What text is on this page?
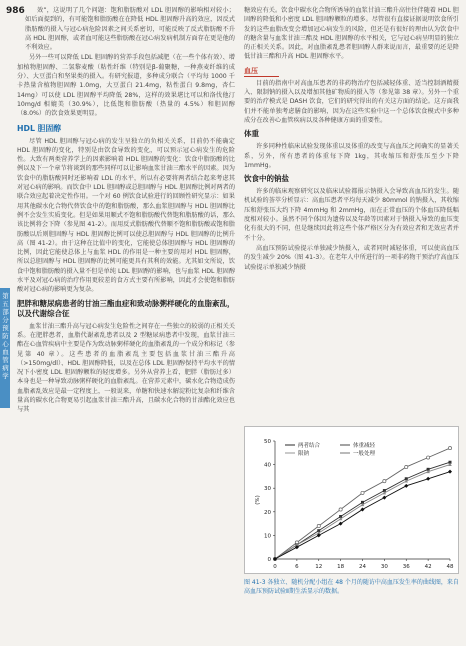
986
第五部分 预防心血管病学

效”，这说明了几个问题：饱和脂肪酸对 LDL 胆固醇的影响相对较小；如后面提到的，有可能饱和脂肪酸在在降低 HDL 胆固醇升高的效应，因反式脂肪酸的摄入与冠心病危险因素之间关系密切，可能反映了反式脂肪酸不升高 HDL 胆固醇，或者血可能这些脂肪酸在冠心病发病机制方面存在更是他的不利效应。

另外一些可以降低 LDL 胆固醇的营养手段包括减肥（在一些个体有效）、增加植物胆固醇、二氢黎麦酸（粘性纤维（特别是β-葡聚糖，一种燕麦纤维的成分）、大豆蛋白和坚果类的摄入。有研究报道，多种成分联合（平均每 1000 千卡热量含植物胆固醇 1.0mg，大豆蛋白 21.4mg，粘性蛋白 9.8mg，杏仁 14mg）可以使 LDL 胆固醇平均降低 28%，这样的效果堪比可以和洛伐他汀 10mg/d 相媲美（30.9%），比低饱和脂肪酸（热量的 4.5%）和胆固醇（8.0%）的饮食效果更明显。

HDL 胆固醇

尽管 HDL 胆固醇与冠心病的发生呈独立的负相关关系，目前仍不能确定 HDL 胆固醇的变化，特别是由饮食导致的变化，可以预示冠心病发生的危险性。大致有两类营养学上的因素影响着 HDL 胆固醇的变化：饮食中脂肪酸的比例以及下一个章节将谈到的那些同样可以让影响血浆甘油三酯水平的因素。因为饮食中的脂肪酸同时还影响着 LDL 的水平，所以有必要将两者结合起来考虑其对冠心病的影响。而饮食中 LDL 胆固醇或总胆固醇与 HDL 胆固醇比例对两者的联合效应起着决定性作用。一个对 60 例饮食试验进行的回顾性研究显示：如果用其他碳水化合物代替饮食中的饱和脂肪酸，那么血浆胆固醇与 HDL 胆固醇比例不会发生实质变化。但是如果用顺式不饱和脂肪酸代替饱和脂肪酸的话，那么该比例将会下降（参见图 41-2）。而用反式脂肪酸代替顺不饱和脂肪酸或饱和脂肪酸以后则胆固醇与 HDL 胆固醇比例可以使总胆固醇与 HDL 胆固醇的比例升高（图 41-2）。由于这种在比值中的变化，它能使总体胆固醇与 HDL 胆固醇的比例，因此它能使总体上与血浆 HDL 的作用是一种主要的用对 HDL 胆固醇，所以总胆固醇与 HDL 胆固醇的比例可能更具有其利的效能。尤其如文所说，饮食中饱和脂肪酸的摄入量不但是单纯 LDL 胆固醇的影响，也与血浆 HDL 胆固醇水平及对冠心病的治疗作用更较差的食方式主要有所影响，因此才会使饱和脂肪酸对冠心病的影响更为复杂。

肥胖和糖尿病患者的甘油三酯血症和致动脉粥样硬化的血脂紊乱，以及代谢综合征

血浆甘油三酯升高与冠心病发生危险性之间存在一些独立的较弱的正相关关系。在肥胖患者，血脂代谢紊乱患者以及 2 型糖尿病患者中发现，血浆甘油三酯在心血管疾病中主要是作为致动脉粥样硬化的血脂紊乱的一个成分和标记（参见第 40 章）。这些患者的血脂紊乱主要包括血浆甘油三酯升高（>150mg/dl）、HDL 胆固醇降低，以及在总体 LDL 胆固醇保持平均水平的情况下小密度 LDL 胆固醇颗粒的轻度增多。另外从营养上看，肥胖（脂肪过多）本身也是一种导致动脉粥样硬化的血脂紊乱。在营养元素中，碳水化合物造成伤血脂紊乱效应是最一定程度上，一般说来，单糖和快速水解淀粉比复杂和纤维含量高的碳水化合物更易引起血浆甘油三酯升高，且碳水化合物的甘油酯化效应也与其

糖效应有关。饮食中碳水化合物所诱导的血浆甘油三酯升高往往伴随着 HDL 胆固醇的降低和小密度 LDL 胆固醇颗粒的增多。尽管很有直接证据说明饮食所引发的这些血脂改变会增加冠心病发生的风险，但还是有很好的理由认为饮食中的糖含量与血浆甘油三酯及 HDL 胆固醇的水平相关，它与冠心病呈明显的独立的正相关关系。因此，对血脂紊乱患者胆固醇人群来说而言，最重要的还是降低甘油三酯和升高 HDL 胆固醇水平。

血压

目前的指南中对高血压患者的非药物治疗包括减轻体重、适当控制酒精摄入、限制钠的摄入以及增加其他矿物质的摄入等（参见第 38 章）。另外一个重要的治疗模式是 DASH 饮食，它们的研究得出的有关这方面的结论。这方面我们并不能单独考虑膳食的影响，因为在这些实验中这一个总体饮食模式中多种成分在改善心血管疾病以及各种健康方面的重要性。

体重

许多同种性临床试验发现体重以及体重的改变与高血压之间确实的显著关系，另外，所有患者的体重每下降 1kg，其收缩压和舒张压至少下降 1mmHg。

饮食中的钠盐

许多的临床观察研究以及临床试验都报示钠摄入会导致高血压的发生。随机试验的荟萃分析显示：高血压患者平均每天减少 80mmol 的钠摄入，其收缩压和舒张压大约下降 4mmHg 和 2mmHg，而在正常血压的个体血压降低幅度相对较小。虽然不同个体因为遗传以及年龄等因素对于钠摄入导致的血压变化有很大的不同，但是继续因此将这些个体严格区分为有效应者和无效应者并不十分。

高血压预防试验提示单独减少钠摄入，或者同时减轻体重，可以使高血压的发生减少 20%（图 41-3）。在老年人中所进行的一项非药物干预治疗高血压试验提示单独减少钠摄

0
10
20
30
40
50
(%)
0	6	12	18	24	30	36	42	48
两者结合	体重减轻
限钠	一般处理
图 41-3 各独立、随机分配小组在 48 个月的随访中高血压发生率的曲线图，来自高血压预防试验Ⅱ期生活显示的数据。
